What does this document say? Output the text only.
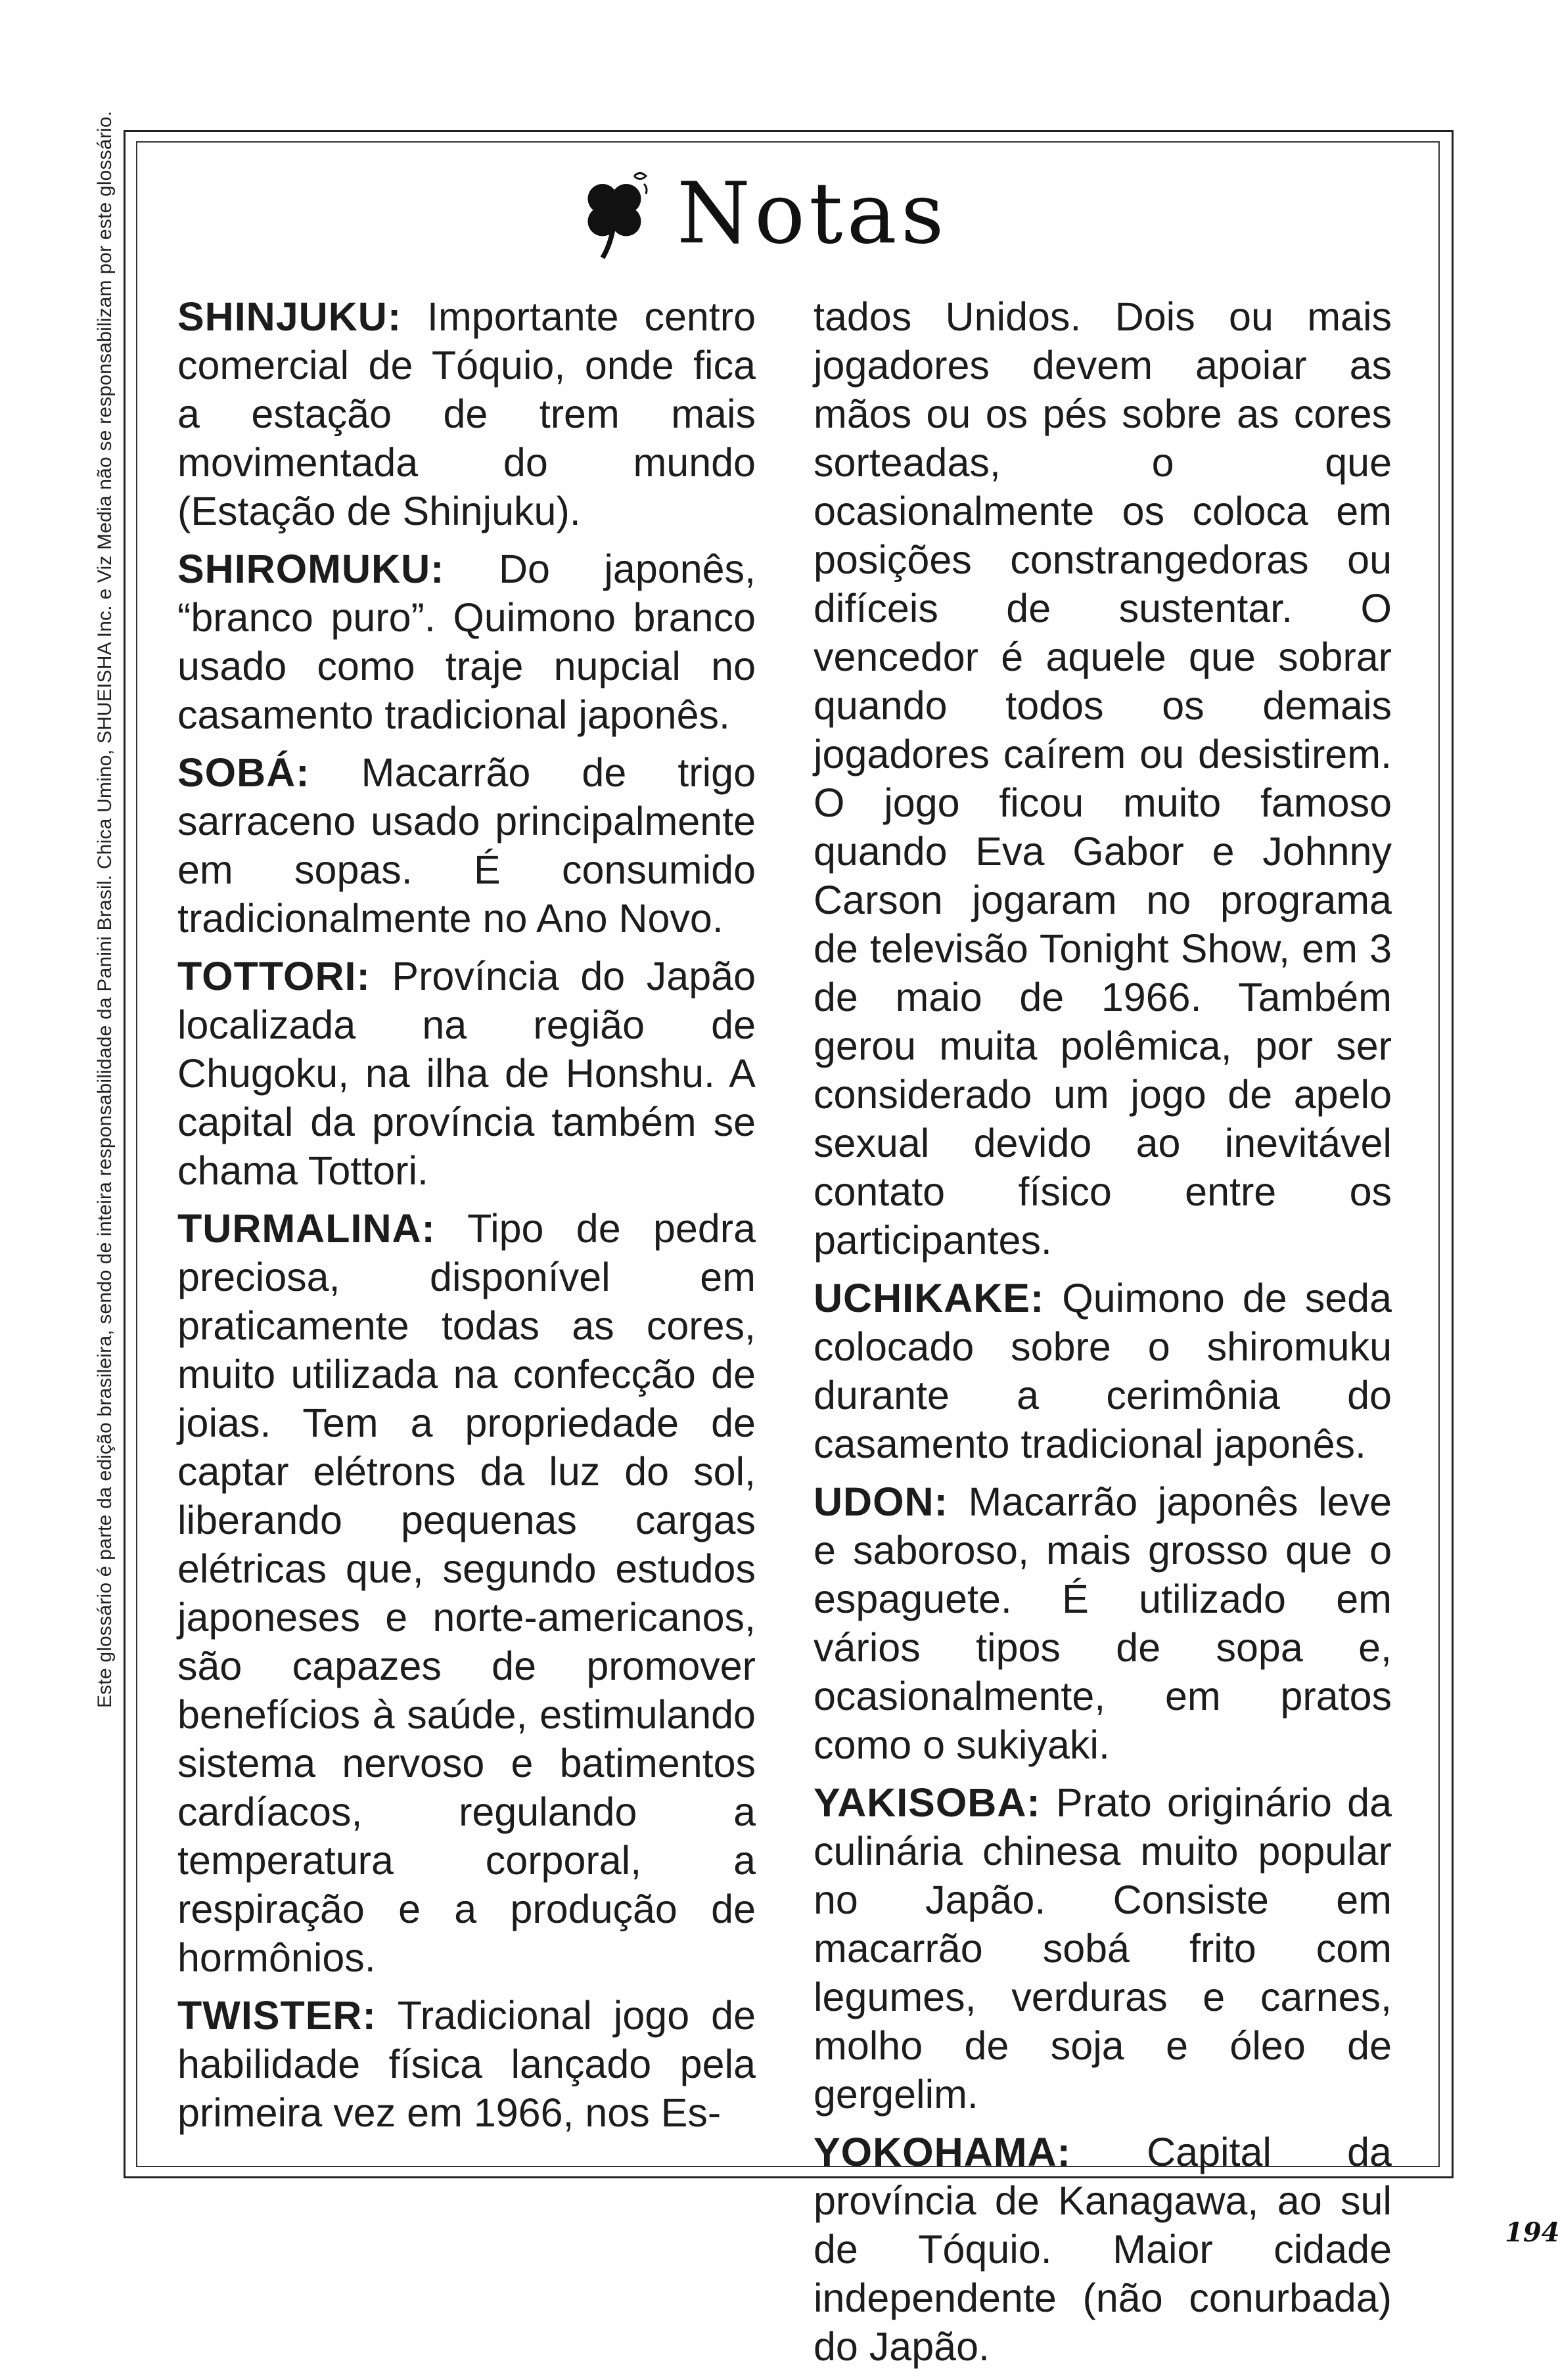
Este glossário é parte da edição brasileira, sendo de inteira responsabilidade da Panini Brasil. Chica Umino, SHUEISHA Inc. e Viz Media não se responsabilizam por este glossário.	Notas

SHINJUKU: Importante centro comercial de Tóquio, onde fica a estação de trem mais movimentada do mundo (Estação de Shinjuku).

SHIROMUKU: Do japonês, “branco puro”. Quimono branco usado como traje nupcial no casamento tradicional japonês.

SOBÁ: Macarrão de trigo sarraceno usado principalmente em sopas. É consumido tradicionalmente no Ano Novo.

TOTTORI: Província do Japão localizada na região de Chugoku, na ilha de Honshu. A capital da província também se chama Tottori.

TURMALINA: Tipo de pedra preciosa, disponível em praticamente todas as cores, muito utilizada na confecção de joias. Tem a propriedade de captar elétrons da luz do sol, liberando pequenas cargas elétricas que, segundo estudos japoneses e norte-americanos, são capazes de promover benefícios à saúde, estimulando sistema nervoso e batimentos cardíacos, regulando a temperatura corporal, a respiração e a produção de hormônios.

TWISTER: Tradicional jogo de habilidade física lançado pela primeira vez em 1966, nos Es-

tados Unidos. Dois ou mais jogadores devem apoiar as mãos ou os pés sobre as cores sorteadas, o que ocasionalmente os coloca em posições constrangedoras ou difíceis de sustentar. O vencedor é aquele que sobrar quando todos os demais jogadores caírem ou desistirem. O jogo ficou muito famoso quando Eva Gabor e Johnny Carson jogaram no programa de televisão Tonight Show, em 3 de maio de 1966. Também gerou muita polêmica, por ser considerado um jogo de apelo sexual devido ao inevitável contato físico entre os participantes.

UCHIKAKE: Quimono de seda colocado sobre o shiromuku durante a cerimônia do casamento tradicional japonês.

UDON: Macarrão japonês leve e saboroso, mais grosso que o espaguete. É utilizado em vários tipos de sopa e, ocasionalmente, em pratos como o sukiyaki.

YAKISOBA: Prato originário da culinária chinesa muito popular no Japão. Consiste em macarrão sobá frito com legumes, verduras e carnes, molho de soja e óleo de gergelim.

YOKOHAMA: Capital da província de Kanagawa, ao sul de Tóquio. Maior cidade independente (não conurbada) do Japão.

194
